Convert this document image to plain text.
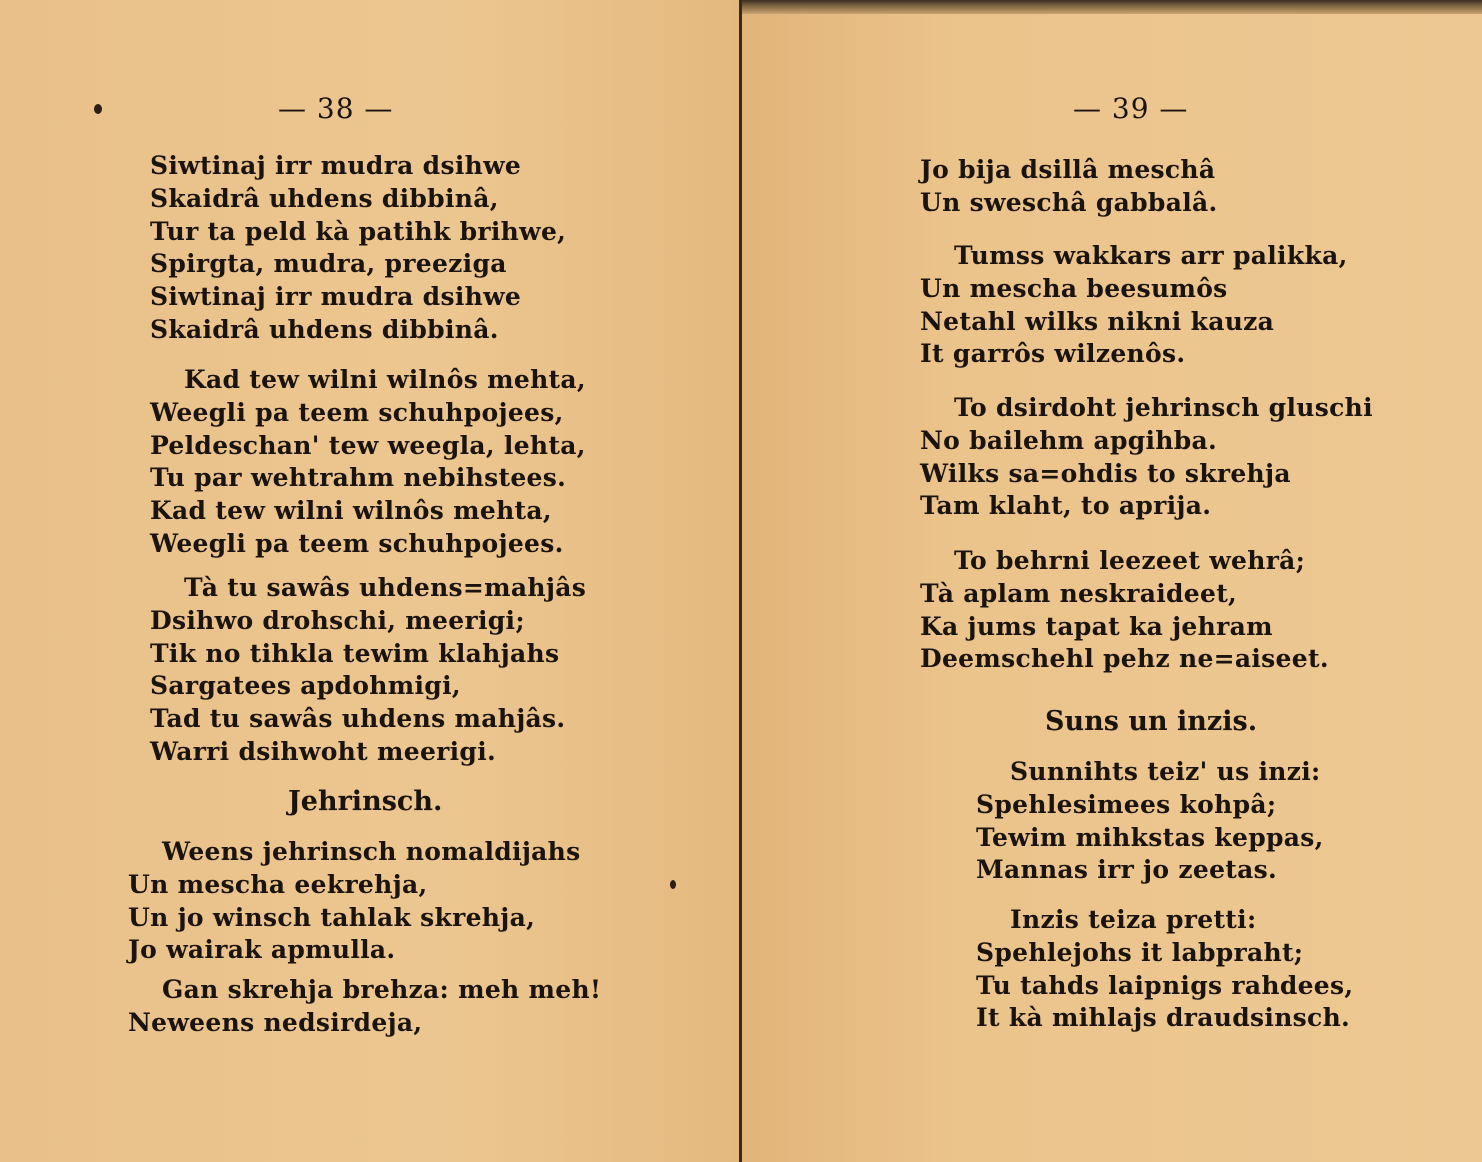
— 38 —
Siwtinaj irr mudra dsihwe
Skaidrâ uhdens dibbinâ,
Tur ta peld kà patihk brihwe,
Spirgta, mudra, preeziga
Siwtinaj irr mudra dsihwe
Skaidrâ uhdens dibbinâ.
Kad tew wilni wilnôs mehta,
Weegli pa teem schuhpojees,
Peldeschan' tew weegla, lehta,
Tu par wehtrahm nebihstees.
Kad tew wilni wilnôs mehta,
Weegli pa teem schuhpojees.
Tà tu sawâs uhdens=mahjâs
Dsihwo drohschi, meerigi;
Tik no tihkla tewim klahjahs
Sargatees apdohmigi,
Tad tu sawâs uhdens mahjâs.
Warri dsihwoht meerigi.
Jehrinsch.
Weens jehrinsch nomaldijahs
Un mescha eekrehja,
Un jo winsch tahlak skrehja,
Jo wairak apmulla.
Gan skrehja brehza: meh meh!
Neweens nedsirdeja,
— 39 —
Jo bija dsillâ meschâ
Un sweschâ gabbalâ.
Tumss wakkars arr palikka,
Un mescha beesumôs
Netahl wilks nikni kauza
It garrôs wilzenôs.
To dsirdoht jehrinsch gluschi
No bailehm apgihba.
Wilks sa=ohdis to skrehja
Tam klaht, to aprija.
To behrni leezeet wehrâ;
Tà aplam neskraideet,
Ka jums tapat ka jehram
Deemschehl pehz ne=aiseet.
Suns un inzis.
Sunnihts teiz' us inzi:
Spehlesimees kohpâ;
Tewim mihkstas keppas,
Mannas irr jo zeetas.
Inzis teiza pretti:
Spehlejohs it labpraht;
Tu tahds laipnigs rahdees,
It kà mihlajs draudsinsch.
